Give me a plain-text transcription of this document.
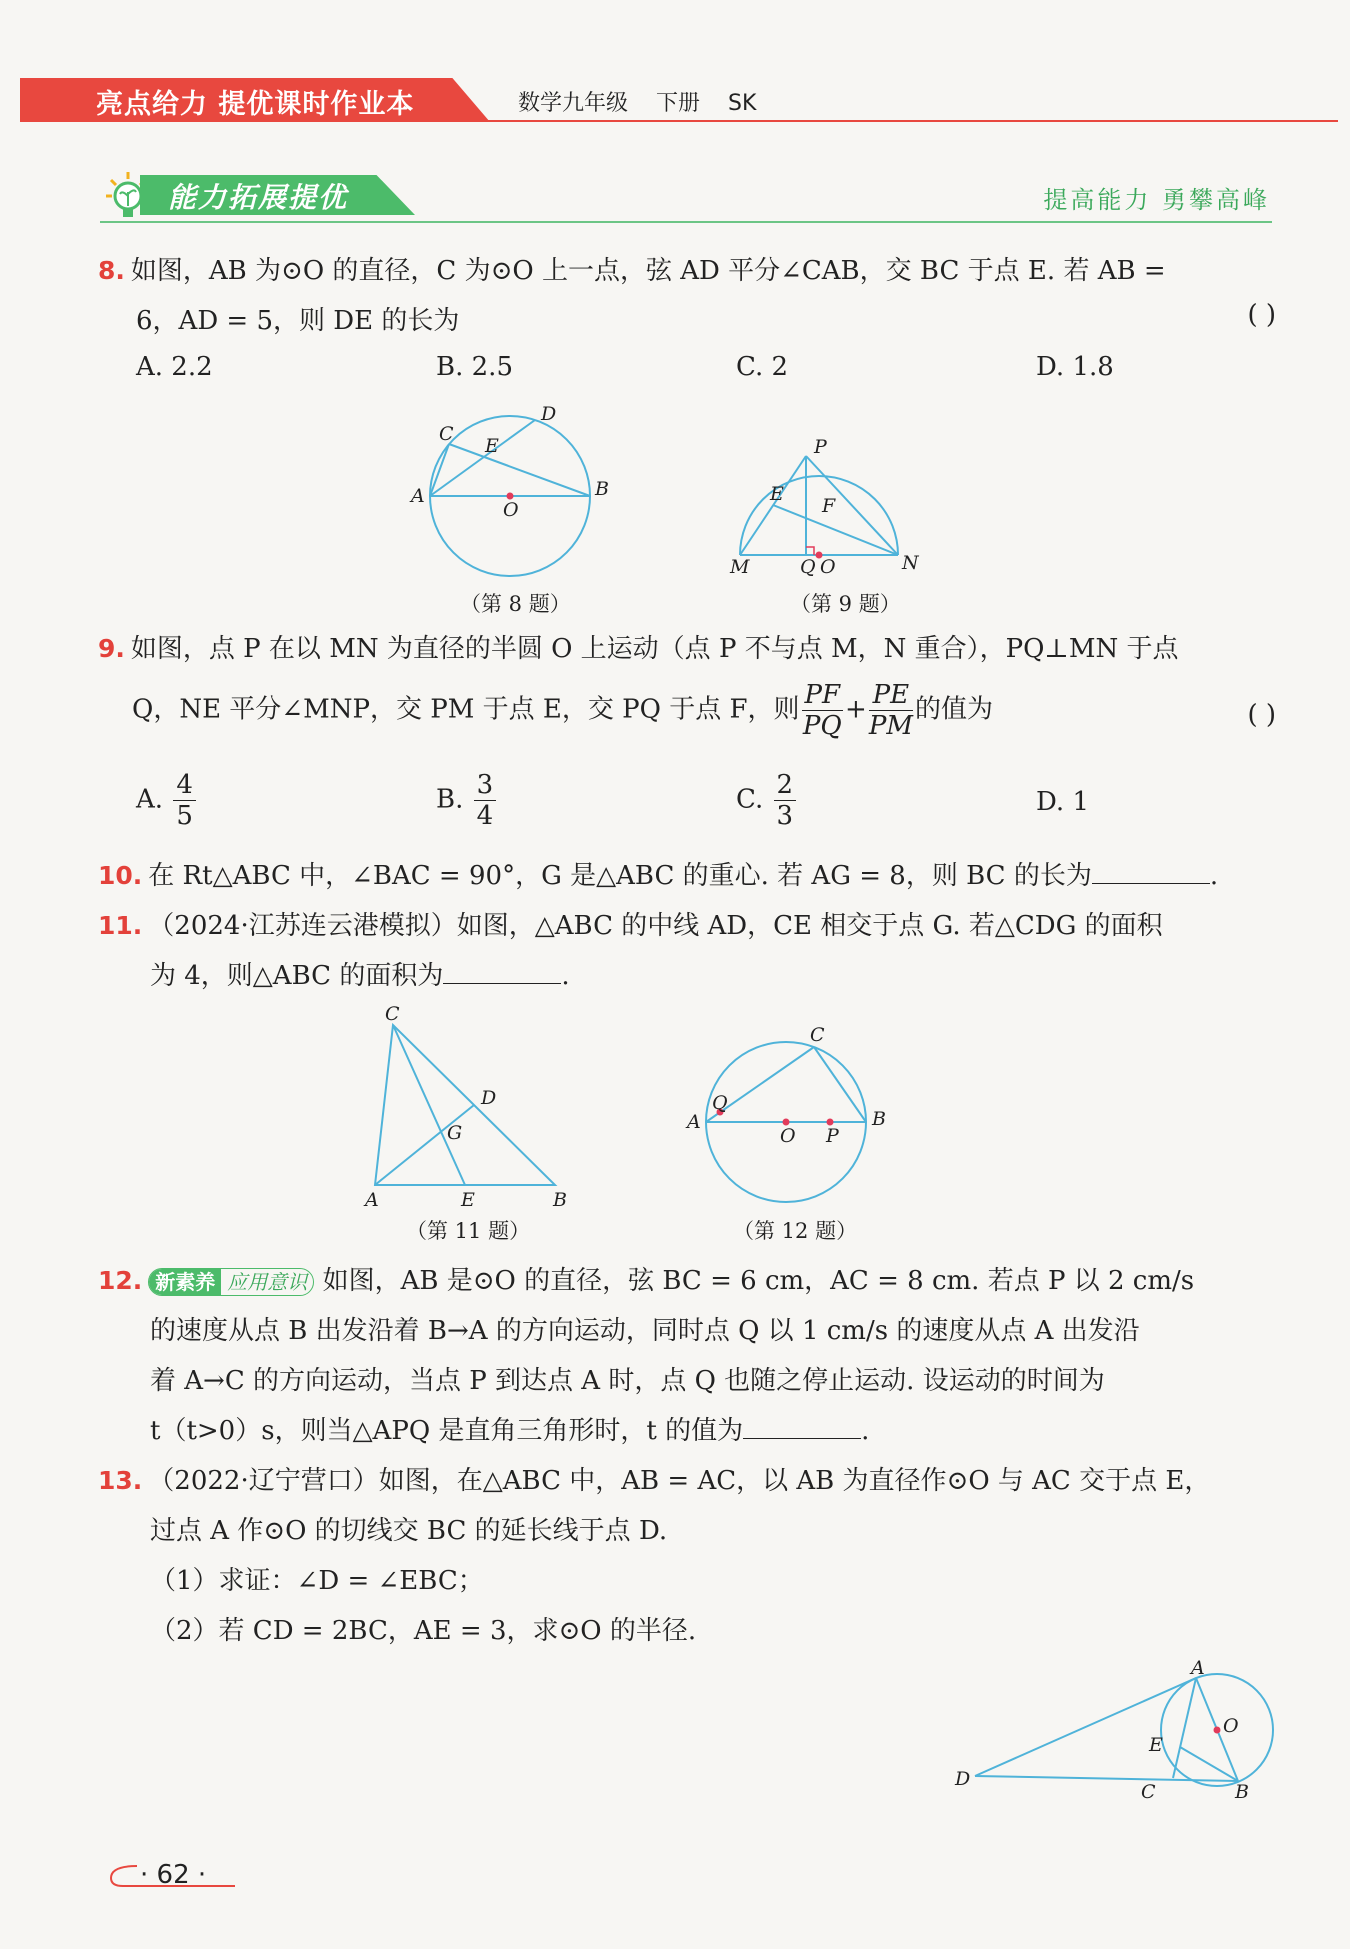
亮点给力 提优课时作业本	数学九年级 下册 SK
能力拓展提优	提高能力 勇攀高峰
8. 如图，AB 为⊙O 的直径，C 为⊙O 上一点，弦 AD 平分∠CAB，交 BC 于点 E. 若 AB =
6，AD = 5，则 DE 的长为	( )
A. 2.2	B. 2.5	C. 2	D. 1.8
A	B
C
D
E
O
（第 8 题）
P
E
F
M	Q O	N
（第 9 题）
9. 如图，点 P 在以 MN 为直径的半圆 O 上运动（点 P 不与点 M，N 重合），PQ⊥MN 于点
Q，NE 平分∠MNP，交 PM 于点 E，交 PQ 于点 F，则 $\frac{PF}{PQ} + \frac{PE}{PM}$ 的值为	( )
A. $\frac{4}{5}$	B. $\frac{3}{4}$	C. $\frac{2}{3}$	D. 1
10. 在 Rt△ABC 中，∠BAC = 90°，G 是△ABC 的重心. 若 AG = 8，则 BC 的长为	.
11. （2024·江苏连云港模拟）如图，△ABC 的中线 AD，CE 相交于点 G. 若△CDG 的面积
为 4，则△ABC 的面积为	.
C
D
G
A	E	B
（第 11 题）
C
Q
A
O P
B
（第 12 题）
12. 新素养 应用意识 如图，AB 是⊙O 的直径，弦 BC = 6 cm，AC = 8 cm. 若点 P 以 2 cm/s
的速度从点 B 出发沿着 B→A 的方向运动，同时点 Q 以 1 cm/s 的速度从点 A 出发沿
着 A→C 的方向运动，当点 P 到达点 A 时，点 Q 也随之停止运动. 设运动的时间为
t（t>0）s，则当△APQ 是直角三角形时，t 的值为	.
13. （2022·辽宁营口）如图，在△ABC 中，AB = AC，以 AB 为直径作⊙O 与 AC 交于点 E，
过点 A 作⊙O 的切线交 BC 的延长线于点 D.
（1）求证：∠D = ∠EBC；
（2）若 CD = 2BC，AE = 3，求⊙O 的半径.
A
O
E
D
C	B
· 62 ·
